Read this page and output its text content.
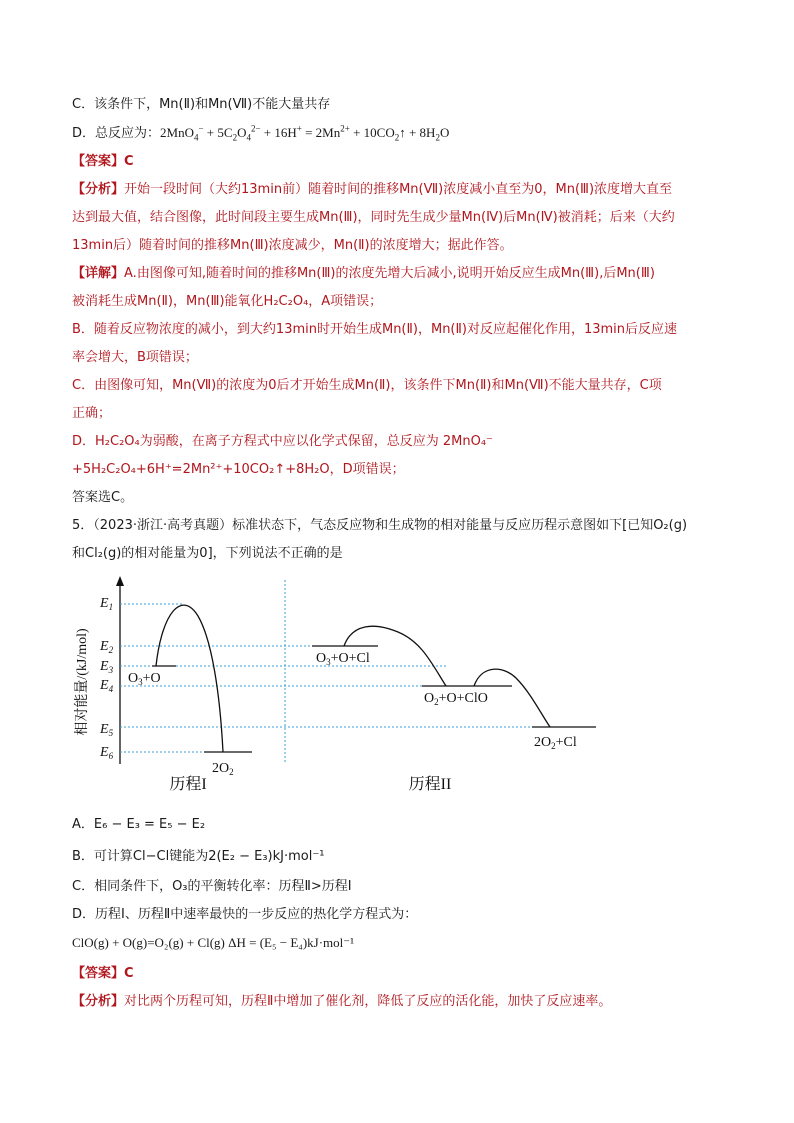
C．该条件下，Mn(Ⅱ)和Mn(Ⅶ)不能大量共存
D．总反应为：$2MnO_4^- + 5C_2O_4^{2-} + 16H^+ = 2Mn^{2+}$ + $10CO_2↑ + 8H_2O$
【答案】C
【分析】开始一段时间（大约13min前）随着时间的推移Mn(Ⅶ)浓度减小直至为0，Mn(Ⅲ)浓度增大直至
达到最大值，结合图像，此时间段主要生成Mn(Ⅲ)，同时先生成少量Mn(Ⅳ)后Mn(Ⅳ)被消耗；后来（大约
13min后）随着时间的推移Mn(Ⅲ)浓度减少，Mn(Ⅱ)的浓度增大；据此作答。
【详解】A.由图像可知,随着时间的推移Mn(Ⅲ)的浓度先增大后减小,说明开始反应生成Mn(Ⅲ),后Mn(Ⅲ)
被消耗生成Mn(Ⅱ)，Mn(Ⅲ)能氧化H₂C₂O₄，A项错误；
B．随着反应物浓度的减小，到大约13min时开始生成Mn(Ⅱ)，Mn(Ⅱ)对反应起催化作用，13min后反应速
率会增大，B项错误；
C．由图像可知，Mn(Ⅶ)的浓度为0后才开始生成Mn(Ⅱ)，该条件下Mn(Ⅱ)和Mn(Ⅶ)不能大量共存，C项
正确；
D．H₂C₂O₄为弱酸，在离子方程式中应以化学式保留，总反应为 2MnO₄⁻
+5H₂C₂O₄+6H⁺=2Mn²⁺+10CO₂↑+8H₂O，D项错误；
答案选C。
5．（2023·浙江·高考真题）标准状态下，气态反应物和生成物的相对能量与反应历程示意图如下[已知O₂(g)
和Cl₂(g)的相对能量为0]，下列说法不正确的是
相对能量/(kJ/mol)
$E_1$
$E_2$
$E_3$
$E_4$
$E_5$
$E_6$
$O_3+O$
$2O_2$
历程I
$O_3+O+Cl$
$O_2+O+ClO$
$2O_2+Cl$
历程II
A．E₆ − E₃ = E₅ − E₂
B．可计算Cl−Cl键能为2(E₂ − E₃)kJ·mol⁻¹
C．相同条件下，O₃的平衡转化率：历程Ⅱ>历程Ⅰ
D．历程Ⅰ、历程Ⅱ中速率最快的一步反应的热化学方程式为：
ClO(g) + O(g)=O₂(g) + Cl(g) ΔH = (E₅ − E₄)kJ·mol⁻¹
【答案】C
【分析】对比两个历程可知，历程Ⅱ中增加了催化剂，降低了反应的活化能，加快了反应速率。
